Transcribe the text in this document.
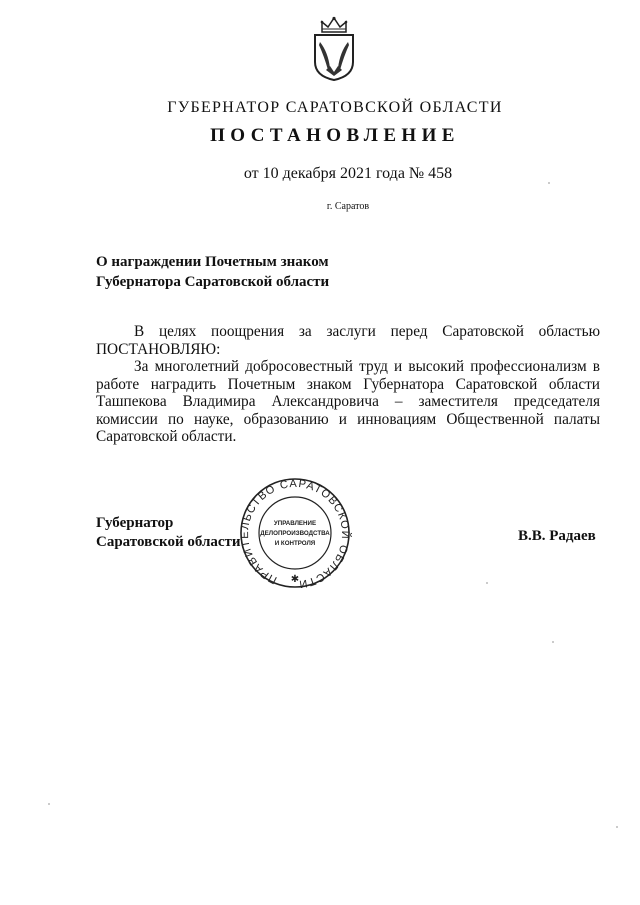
ГУБЕРНАТОР САРАТОВСКОЙ ОБЛАСТИ
ПОСТАНОВЛЕНИЕ
от 10 декабря 2021 года № 458
г. Саратов
О награждении Почетным знаком
Губернатора Саратовской области

В целях поощрения за заслуги перед Саратовской областью

ПОСТАНОВЛЯЮ:

За многолетний добросовестный труд и высокий профессионализм в работе наградить Почетным знаком Губернатора Саратовской области Ташпекова Владимира Александровича – заместителя председателя комиссии по науке, образованию и инновациям Общественной палаты Саратовской области.

ПРАВИТЕЛЬСТВО САРАТОВСКОЙ ОБЛАСТИ
УПРАВЛЕНИЕ
ДЕЛОПРОИЗВОДСТВА
И КОНТРОЛЯ
✱
Губернатор
Саратовской области	В.В. Радаев
